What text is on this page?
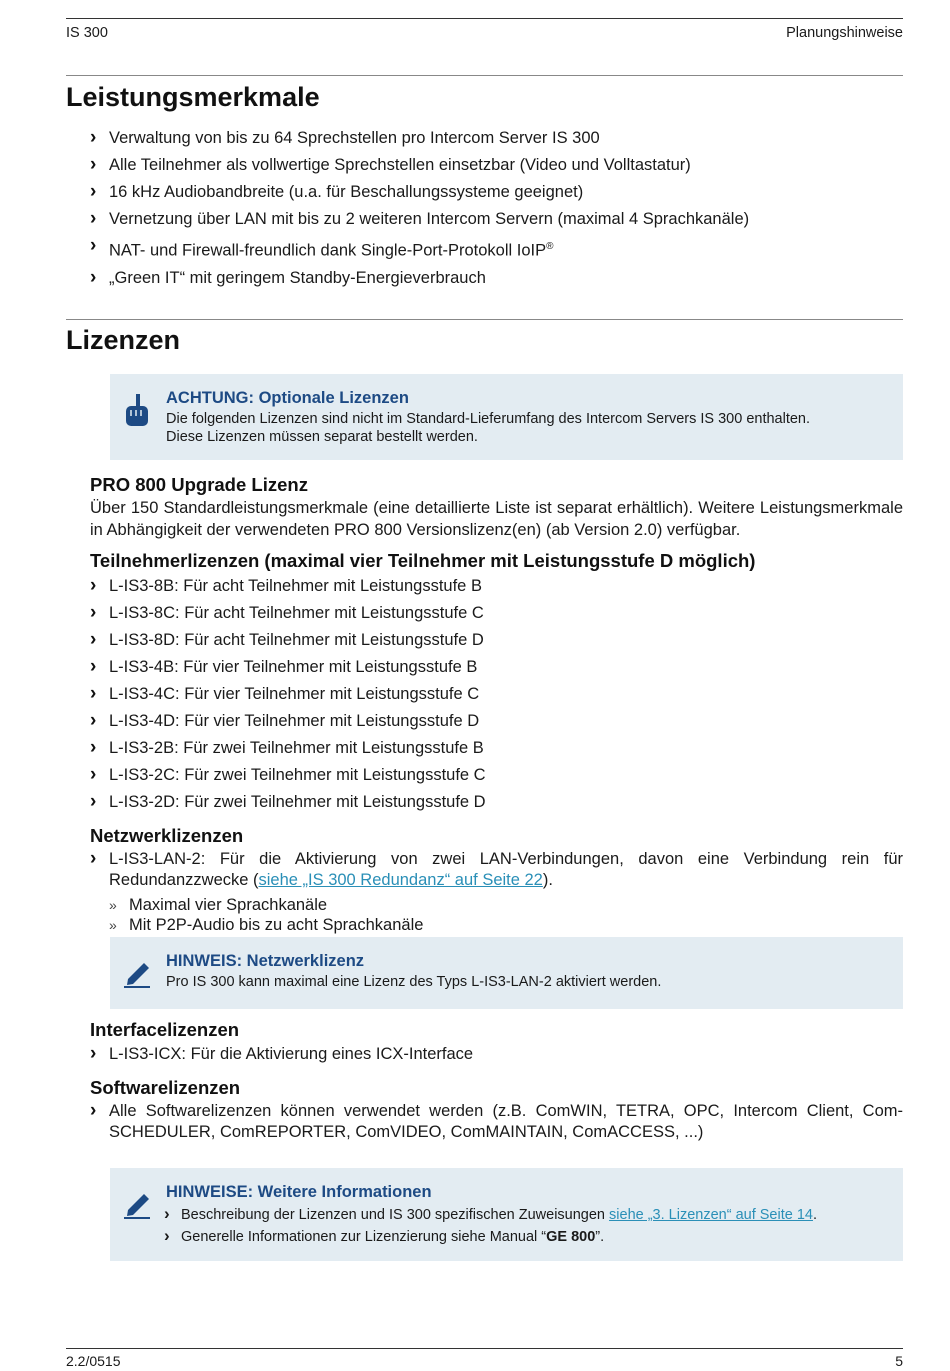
IS 300	Planungshinweise
Leistungsmerkmale
› Verwaltung von bis zu 64 Sprechstellen pro Intercom Server IS 300
› Alle Teilnehmer als vollwertige Sprechstellen einsetzbar (Video und Volltastatur)
› 16 kHz Audiobandbreite (u.a. für Beschallungssysteme geeignet)
› Vernetzung über LAN mit bis zu 2 weiteren Intercom Servern (maximal 4 Sprachkanäle)
› NAT- und Firewall-freundlich dank Single-Port-Protokoll IoIP®
› „Green IT“ mit geringem Standby-Energieverbrauch
Lizenzen
ACHTUNG: Optionale Lizenzen
Die folgenden Lizenzen sind nicht im Standard-Lieferumfang des Intercom Servers IS 300 enthalten.
Diese Lizenzen müssen separat bestellt werden.
PRO 800 Upgrade Lizenz
Über 150 Standardleistungsmerkmale (eine detaillierte Liste ist separat erhältlich). Weitere Leistungsmerkmale in Abhängigkeit der verwendeten PRO 800 Versionslizenz(en) (ab Version 2.0) verfügbar.
Teilnehmerlizenzen (maximal vier Teilnehmer mit Leistungsstufe D möglich)
› L-IS3-8B: Für acht Teilnehmer mit Leistungsstufe B
› L-IS3-8C: Für acht Teilnehmer mit Leistungsstufe C
› L-IS3-8D: Für acht Teilnehmer mit Leistungsstufe D
› L-IS3-4B: Für vier Teilnehmer mit Leistungsstufe B
› L-IS3-4C: Für vier Teilnehmer mit Leistungsstufe C
› L-IS3-4D: Für vier Teilnehmer mit Leistungsstufe D
› L-IS3-2B: Für zwei Teilnehmer mit Leistungsstufe B
› L-IS3-2C: Für zwei Teilnehmer mit Leistungsstufe C
› L-IS3-2D: Für zwei Teilnehmer mit Leistungsstufe D
Netzwerklizenzen
› L-IS3-LAN-2: Für die Aktivierung von zwei LAN-Verbindungen, davon eine Verbindung rein für Redundanzzwecke (siehe „IS 300 Redundanz“ auf Seite 22).
» Maximal vier Sprachkanäle
» Mit P2P-Audio bis zu acht Sprachkanäle
HINWEIS: Netzwerklizenz
Pro IS 300 kann maximal eine Lizenz des Typs L-IS3-LAN-2 aktiviert werden.
Interfacelizenzen
› L-IS3-ICX: Für die Aktivierung eines ICX-Interface
Softwarelizenzen
› Alle Softwarelizenzen können verwendet werden (z.B. ComWIN, TETRA, OPC, Intercom Client, ComSCHEDULER, ComREPORTER, ComVIDEO, ComMAINTAIN, ComACCESS, ...)
HINWEISE: Weitere Informationen
› Beschreibung der Lizenzen und IS 300 spezifischen Zuweisungen siehe „3. Lizenzen“ auf Seite 14.
› Generelle Informationen zur Lizenzierung siehe Manual “GE 800”.
2.2/0515	5
